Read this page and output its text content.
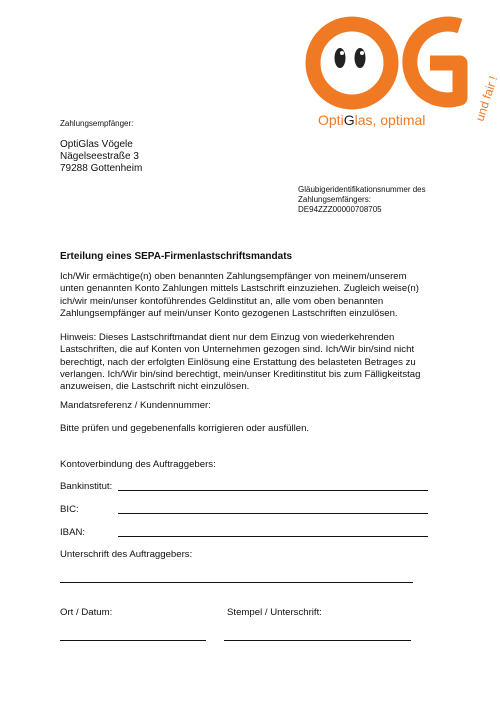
OptiGlas, optimal	und fair !
Zahlungsempfänger:
OptiGlas Vögele
Nägelseestraße 3
79288 Gottenheim
Gläubigeridentifikationsnummer des
Zahlungsemfängers:
DE94ZZZ00000708705
Erteilung eines SEPA-Firmenlastschriftsmandats
Ich/Wir ermächtige(n) oben benannten Zahlungsempfänger von meinem/unserem
unten genannten Konto Zahlungen mittels Lastschrift einzuziehen. Zugleich weise(n)
ich/wir mein/unser kontoführendes Geldinstitut an, alle vom oben benannten
Zahlungsempfänger auf mein/unser Konto gezogenen Lastschriften einzulösen.
Hinweis: Dieses Lastschriftmandat dient nur dem Einzug von wiederkehrenden
Lastschriften, die auf Konten von Unternehmen gezogen sind. Ich/Wir bin/sind nicht
berechtigt, nach der erfolgten Einlösung eine Erstattung des belasteten Betrages zu
verlangen. Ich/Wir bin/sind berechtigt, mein/unser Kreditinstitut bis zum Fälligkeitstag
anzuweisen, die Lastschrift nicht einzulösen.
Mandatsreferenz / Kundennummer:
Bitte prüfen und gegebenenfalls korrigieren oder ausfüllen.
Kontoverbindung des Auftraggebers:
Bankinstitut:
BIC:
IBAN:
Unterschrift des Auftraggebers:
Ort / Datum:	Stempel / Unterschrift:
